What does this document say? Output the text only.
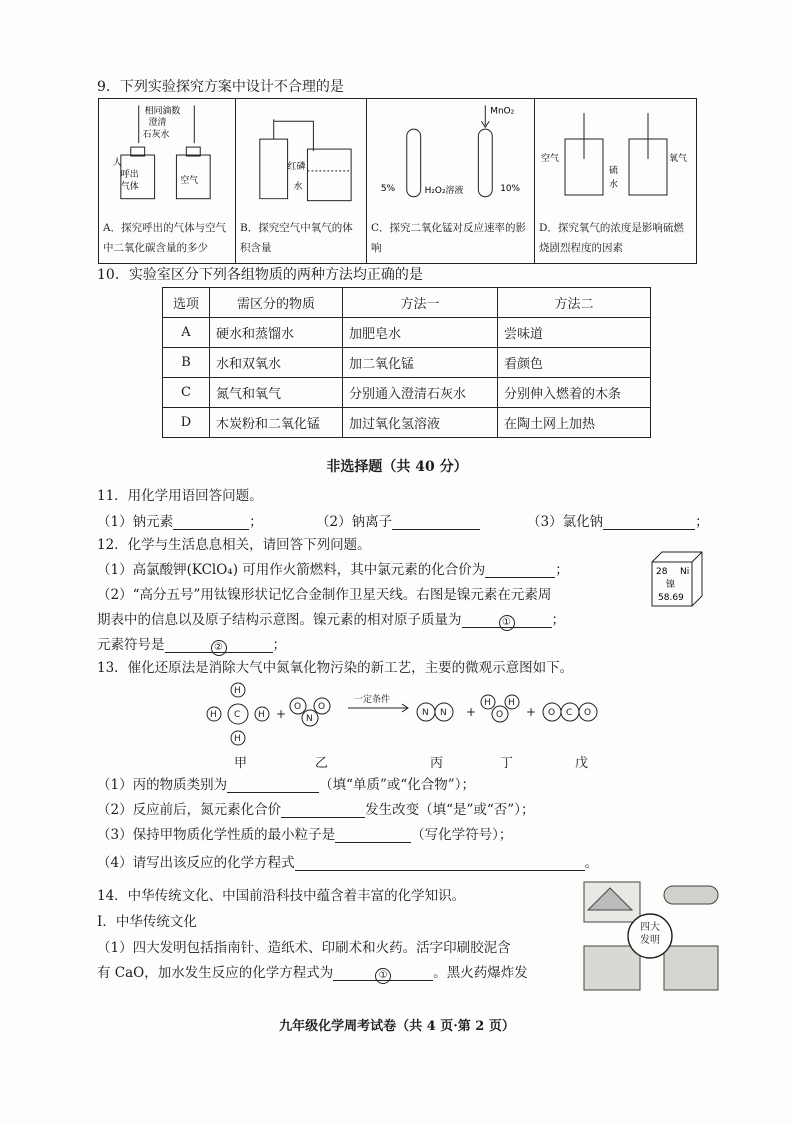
9．下列实验探究方案中设计不合理的是
相同滴数
澄清
石灰水
人
呼出
气体
空气
A．探究呼出的气体与空气中二氧化碳含量的多少
红磷
水
B．探究空气中氧气的体积含量
MnO₂
5%	H₂O₂溶液	10%
C．探究二氧化锰对反应速率的影响
空气
硫
水
氧气
D．探究氧气的浓度是影响硫燃烧剧烈程度的因素
10．实验室区分下列各组物质的两种方法均正确的是
选项	需区分的物质	方法一	方法二
A	硬水和蒸馏水	加肥皂水	尝味道
B	水和双氧水	加二氧化锰	看颜色
C	氮气和氧气	分别通入澄清石灰水	分别伸入燃着的木条
D	木炭粉和二氧化锰	加过氧化氢溶液	在陶土网上加热
非选择题（共 40 分）
11．用化学用语回答问题。
（1）钠元素	；	（2）钠离子	（3）氯化钠	；
12．化学与生活息息相关，请回答下列问题。
（1）高氯酸钾(KClO₄) 可用作火箭燃料，其中氯元素的化合价为	；
（2）“高分五号”用钛镍形状记忆合金制作卫星天线。右图是镍元素在元素周
期表中的信息以及原子结构示意图。镍元素的相对原子质量为	①	；
元素符号是	②	；
28 Ni
镍
58.69
13．催化还原法是消除大气中氮氧化物污染的新工艺，主要的微观示意图如下。
C
H
H
H	H + O
N
O
一定条件
N N +
H
O
H
+ O C O
甲	乙	丙	丁	戊
（1）丙的物质类别为	（填“单质”或“化合物”）；
（2）反应前后，氮元素化合价	发生改变（填“是”或“否”）；
（3）保持甲物质化学性质的最小粒子是	（写化学符号）；
（4）请写出该反应的化学方程式	。
14．中华传统文化、中国前沿科技中蕴含着丰富的化学知识。
I．中华传统文化
（1）四大发明包括指南针、造纸术、印刷术和火药。活字印刷胶泥含
有 CaO，加水发生反应的化学方程式为	①	。黑火药爆炸发
四大发明
九年级化学周考试卷（共 4 页·第 2 页）
